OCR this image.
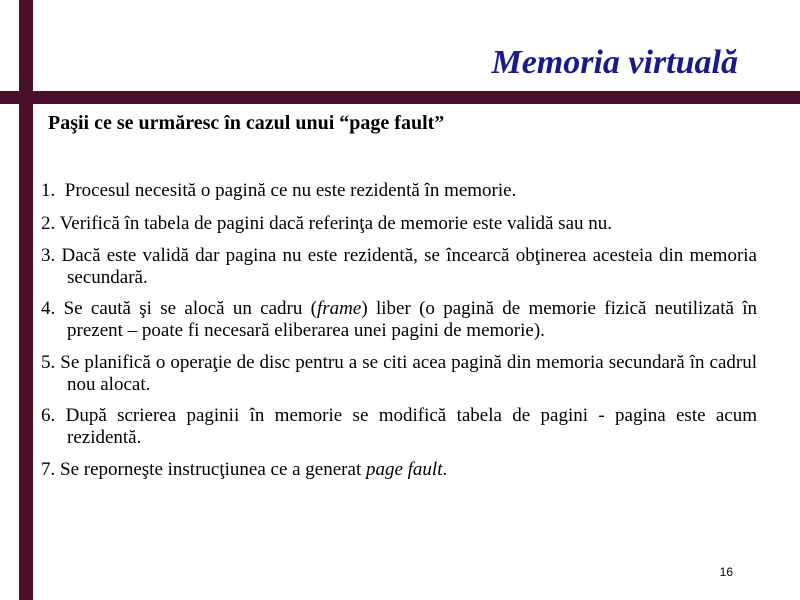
Memoria virtuală

Paşii ce se urmăresc în cazul unui “page fault”

1. Procesul necesită o pagină ce nu este rezidentă în memorie.
2. Verifică în tabela de pagini dacă referinţa de memorie este validă sau nu.
3. Dacă este validă dar pagina nu este rezidentă, se încearcă obţinerea acesteia din memoria secundară.
4. Se caută şi se alocă un cadru (frame) liber (o pagină de memorie fizică neutilizată în prezent – poate fi necesară eliberarea unei pagini de memorie).
5. Se planifică o operaţie de disc pentru a se citi acea pagină din memoria secundară în cadrul nou alocat.
6. După scrierea paginii în memorie se modifică tabela de pagini - pagina este acum rezidentă.
7. Se reporneşte instrucţiunea ce a generat page fault.

16
